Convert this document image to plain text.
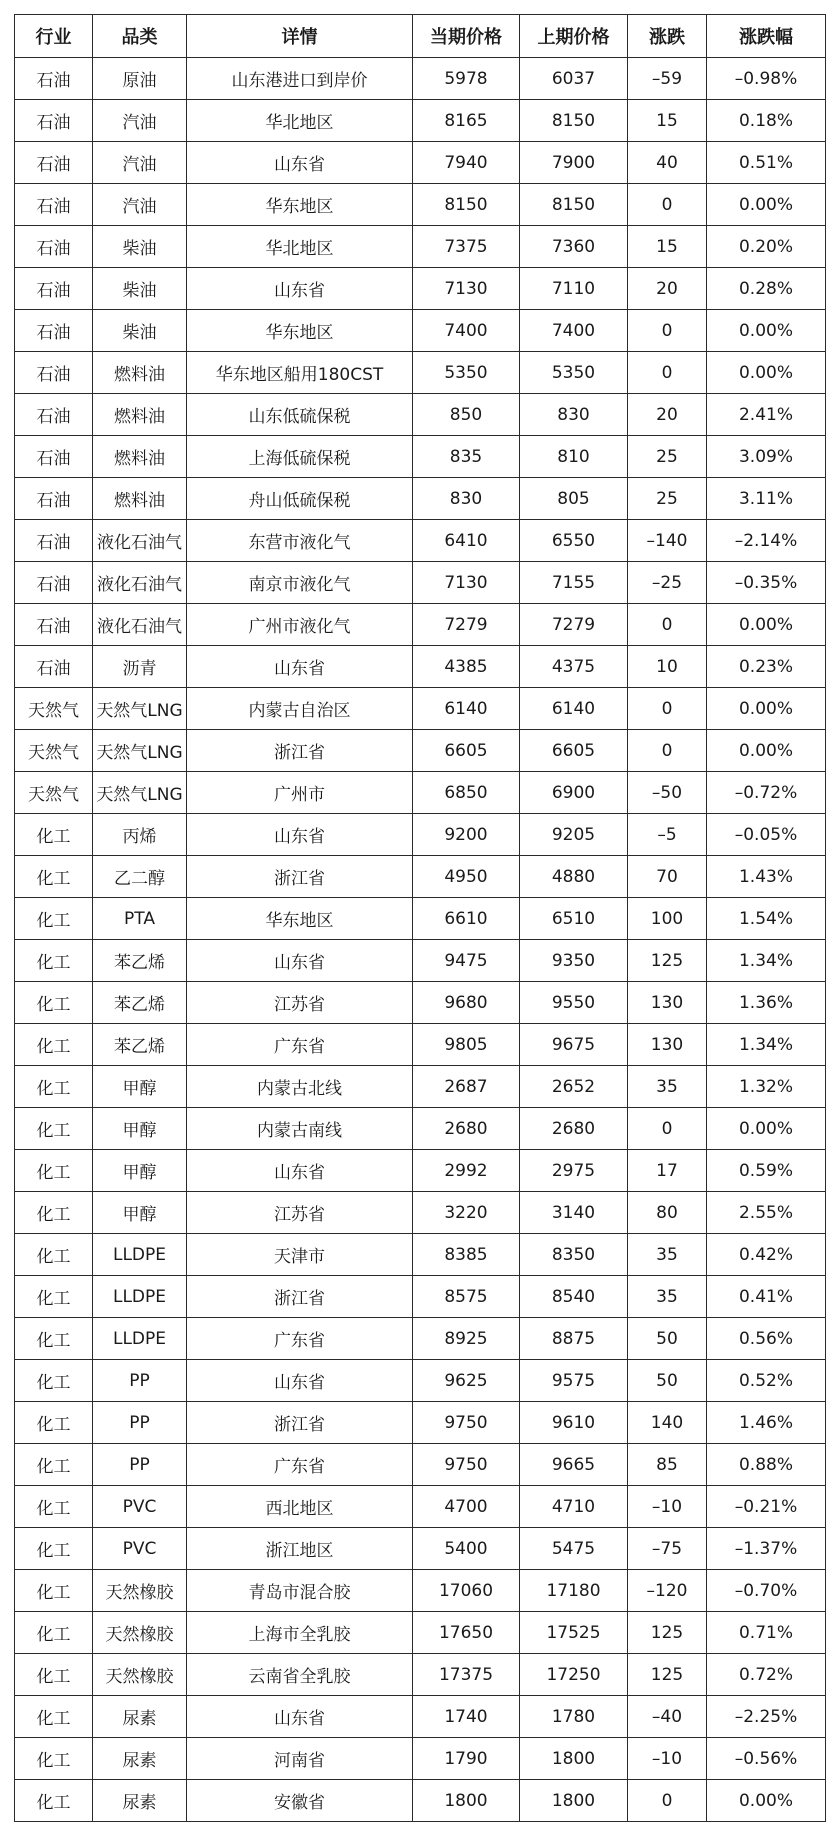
行业	品类	详情	当期价格	上期价格	涨跌	涨跌幅
石油	原油	山东港进口到岸价	5978	6037	–59	–0.98%
石油	汽油	华北地区	8165	8150	15	0.18%
石油	汽油	山东省	7940	7900	40	0.51%
石油	汽油	华东地区	8150	8150	0	0.00%
石油	柴油	华北地区	7375	7360	15	0.20%
石油	柴油	山东省	7130	7110	20	0.28%
石油	柴油	华东地区	7400	7400	0	0.00%
石油	燃料油	华东地区船用180CST	5350	5350	0	0.00%
石油	燃料油	山东低硫保税	850	830	20	2.41%
石油	燃料油	上海低硫保税	835	810	25	3.09%
石油	燃料油	舟山低硫保税	830	805	25	3.11%
石油	液化石油气	东营市液化气	6410	6550	–140	–2.14%
石油	液化石油气	南京市液化气	7130	7155	–25	–0.35%
石油	液化石油气	广州市液化气	7279	7279	0	0.00%
石油	沥青	山东省	4385	4375	10	0.23%
天然气	天然气LNG	内蒙古自治区	6140	6140	0	0.00%
天然气	天然气LNG	浙江省	6605	6605	0	0.00%
天然气	天然气LNG	广州市	6850	6900	–50	–0.72%
化工	丙烯	山东省	9200	9205	–5	–0.05%
化工	乙二醇	浙江省	4950	4880	70	1.43%
化工	PTA	华东地区	6610	6510	100	1.54%
化工	苯乙烯	山东省	9475	9350	125	1.34%
化工	苯乙烯	江苏省	9680	9550	130	1.36%
化工	苯乙烯	广东省	9805	9675	130	1.34%
化工	甲醇	内蒙古北线	2687	2652	35	1.32%
化工	甲醇	内蒙古南线	2680	2680	0	0.00%
化工	甲醇	山东省	2992	2975	17	0.59%
化工	甲醇	江苏省	3220	3140	80	2.55%
化工	LLDPE	天津市	8385	8350	35	0.42%
化工	LLDPE	浙江省	8575	8540	35	0.41%
化工	LLDPE	广东省	8925	8875	50	0.56%
化工	PP	山东省	9625	9575	50	0.52%
化工	PP	浙江省	9750	9610	140	1.46%
化工	PP	广东省	9750	9665	85	0.88%
化工	PVC	西北地区	4700	4710	–10	–0.21%
化工	PVC	浙江地区	5400	5475	–75	–1.37%
化工	天然橡胶	青岛市混合胶	17060	17180	–120	–0.70%
化工	天然橡胶	上海市全乳胶	17650	17525	125	0.71%
化工	天然橡胶	云南省全乳胶	17375	17250	125	0.72%
化工	尿素	山东省	1740	1780	–40	–2.25%
化工	尿素	河南省	1790	1800	–10	–0.56%
化工	尿素	安徽省	1800	1800	0	0.00%
